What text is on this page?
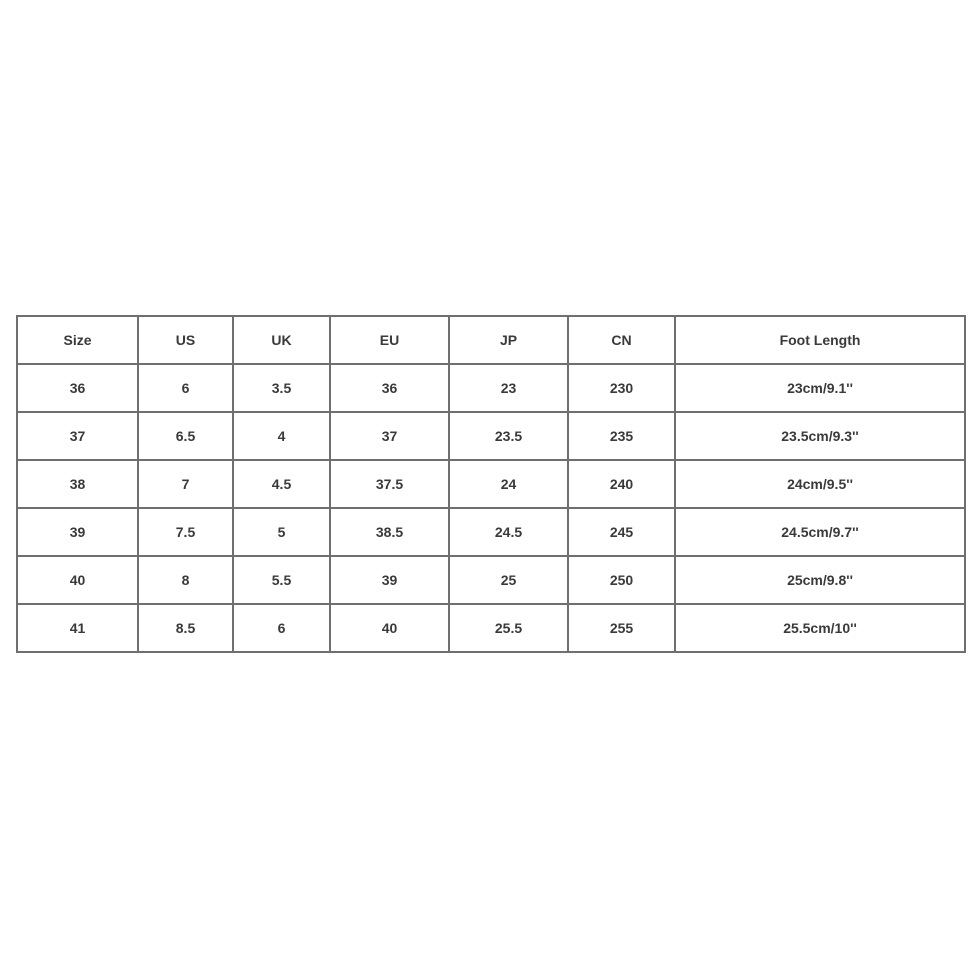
Size	US	UK	EU	JP	CN	Foot Length
36	6	3.5	36	23	230	23cm/9.1''
37	6.5	4	37	23.5	235	23.5cm/9.3''
38	7	4.5	37.5	24	240	24cm/9.5''
39	7.5	5	38.5	24.5	245	24.5cm/9.7''
40	8	5.5	39	25	250	25cm/9.8''
41	8.5	6	40	25.5	255	25.5cm/10''
